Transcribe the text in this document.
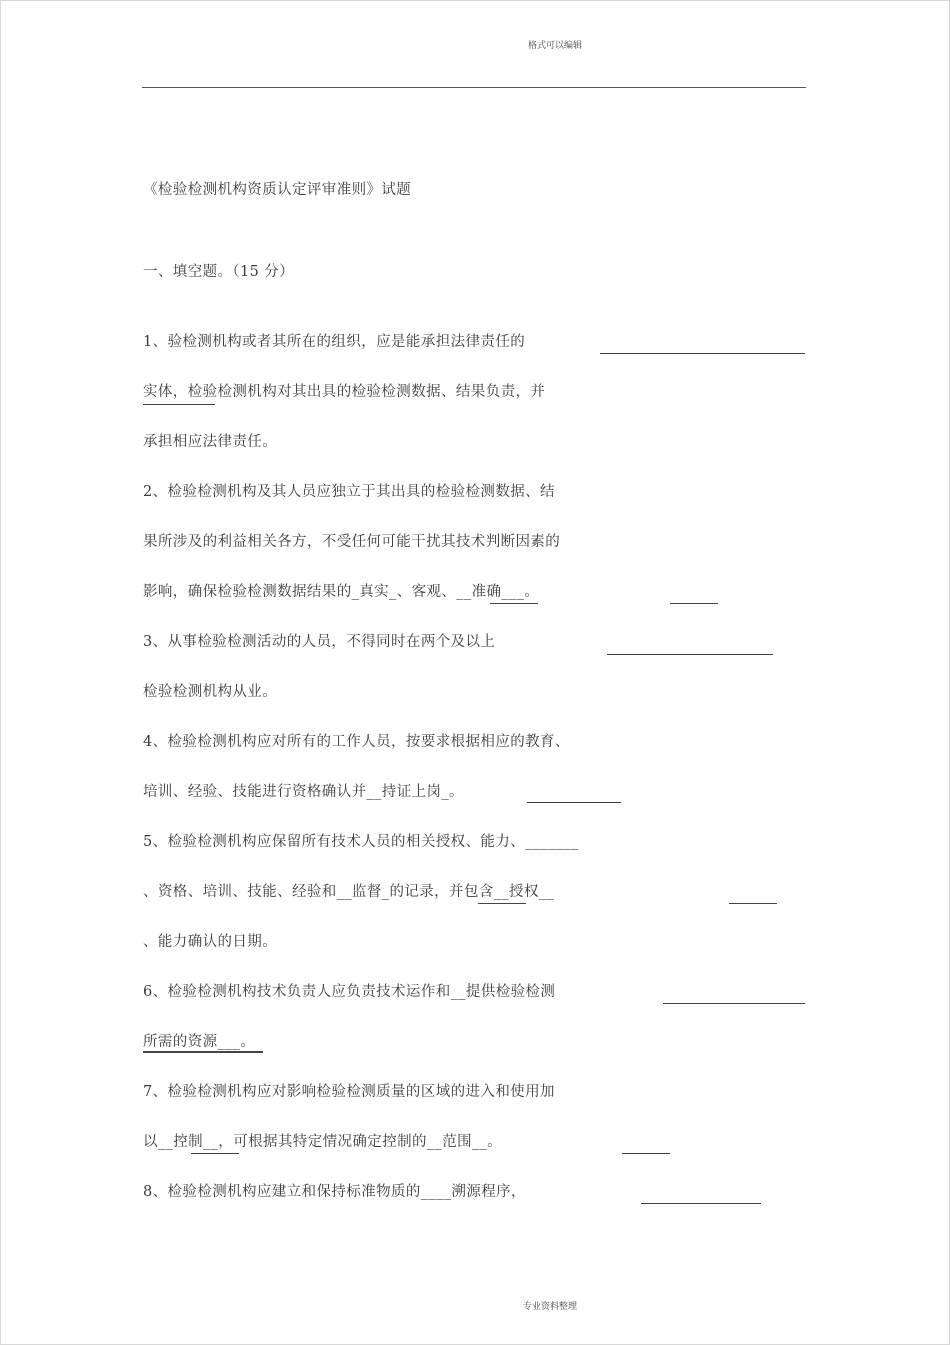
格式可以编辑
《检验检测机构资质认定评审准则》试题
一、填空题。（15 分）
1、验检测机构或者其所在的组织，应是能承担法律责任的
实体，检验检测机构对其出具的检验检测数据、结果负责，并
承担相应法律责任。
2、检验检测机构及其人员应独立于其出具的检验检测数据、结
果所涉及的利益相关各方，不受任何可能干扰其技术判断因素的
影响，确保检验检测数据结果的_真实_、客观、__准确___。
3、从事检验检测活动的人员，不得同时在两个及以上
检验检测机构从业。
4、检验检测机构应对所有的工作人员，按要求根据相应的教育、
培训、经验、技能进行资格确认并__持证上岗_。
5、检验检测机构应保留所有技术人员的相关授权、能力、_______
、资格、培训、技能、经验和__监督_的记录，并包含__授权__
、能力确认的日期。
6、检验检测机构技术负责人应负责技术运作和__提供检验检测
所需的资源___。
7、检验检测机构应对影响检验检测质量的区域的进入和使用加
以__控制__，可根据其特定情况确定控制的__范围__。
8、检验检测机构应建立和保持标准物质的____溯源程序，
专业资料整理
